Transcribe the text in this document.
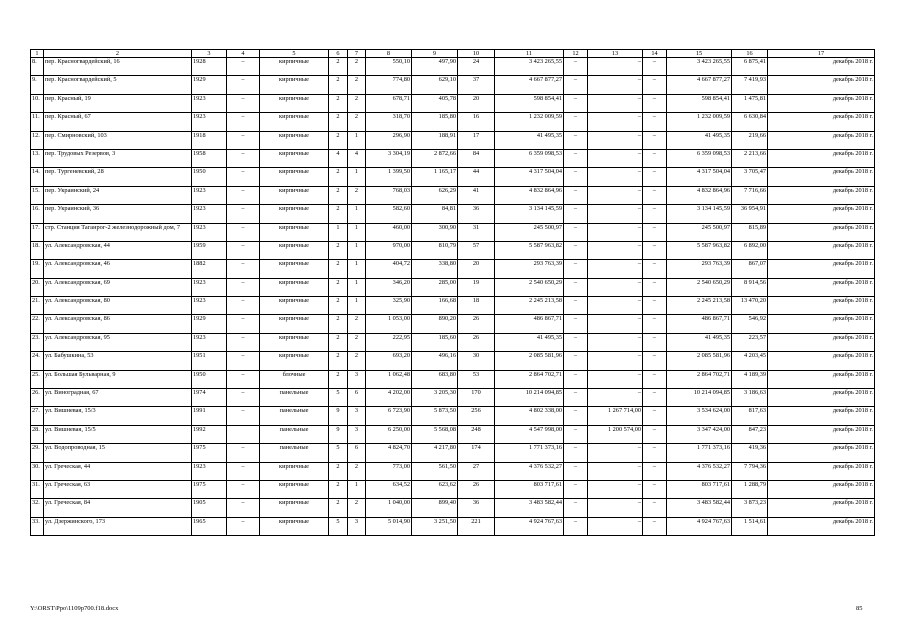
1	2	3	4	5	6	7	8	9	10	11	12	13	14	15	16	17
8.	пер. Красногвардейский, 16	1928	–	кирпичные	2	2	550,10	497,90	24	3 423 265,55	–	–	–	3 423 265,55	6 875,41	декабрь 2018 г.
9.	пер. Красногвардейский, 5	1929	–	кирпичные	2	2	774,80	629,10	37	4 667 877,27	–	–	–	4 667 877,27	7 419,93	декабрь 2018 г.
10.	пер. Красный, 19	1923	–	кирпичные	2	2	678,71	405,78	20	598 854,41	–	–	–	598 854,41	1 475,81	декабрь 2018 г.
11.	пер. Красный, 67	1923	–	кирпичные	2	2	318,70	185,80	16	1 232 009,59	–	–	–	1 232 009,59	6 630,84	декабрь 2018 г.
12.	пер. Смирновский, 103	1918	–	кирпичные	2	1	296,90	188,91	17	41 495,35	–	–	–	41 495,35	219,66	декабрь 2018 г.
13.	пер. Трудовых Резервов, 3	1958	–	кирпичные	4	4	3 304,19	2 872,66	84	6 359 098,53	–	–	–	6 359 098,53	2 213,66	декабрь 2018 г.
14.	пер. Тургеневский, 28	1950	–	кирпичные	2	1	1 399,50	1 165,17	44	4 317 504,04	–	–	–	4 317 504,04	3 705,47	декабрь 2018 г.
15.	пер. Украинский, 24	1923	–	кирпичные	2	2	768,03	626,29	41	4 832 864,96	–	–	–	4 832 864,96	7 716,66	декабрь 2018 г.
16.	пер. Украинский, 36	1923	–	кирпичные	2	1	582,60	84,81	36	3 134 145,59	–	–	–	3 134 145,59	36 954,91	декабрь 2018 г.
17.	стр. Станция Таганрог-2 железнодорожный дом, 7	1923	–	кирпичные	1	1	460,00	300,90	31	245 500,97	–	–	–	245 500,97	815,89	декабрь 2018 г.
18.	ул. Александровская, 44	1959	–	кирпичные	2	1	970,00	810,79	57	5 587 963,82	–	–	–	5 587 963,82	6 892,00	декабрь 2018 г.
19.	ул. Александровская, 46	1882	–	кирпичные	2	1	404,72	338,80	20	293 763,39	–	–	–	293 763,39	867,07	декабрь 2018 г.
20.	ул. Александровская, 69	1923	–	кирпичные	2	1	346,20	285,00	19	2 540 650,29	–	–	–	2 540 650,29	8 914,56	декабрь 2018 г.
21.	ул. Александровская, 80	1923	–	кирпичные	2	1	325,90	166,68	18	2 245 213,58	–	–	–	2 245 213,58	13 470,20	декабрь 2018 г.
22.	ул. Александровская, 86	1929	–	кирпичные	2	2	1 053,00	890,20	26	486 867,71	–	–	–	486 867,71	546,92	декабрь 2018 г.
23.	ул. Александровская, 95	1923	–	кирпичные	2	2	222,95	185,60	26	41 495,35	–	–	–	41 495,35	223,57	декабрь 2018 г.
24.	ул. Бабушкина, 53	1951	–	кирпичные	2	2	693,20	496,16	30	2 085 581,96	–	–	–	2 085 581,96	4 203,45	декабрь 2018 г.
25.	ул. Большая Бульварная, 9	1950	–	блочные	2	3	1 062,48	683,80	53	2 864 702,71	–	–	–	2 864 702,71	4 189,39	декабрь 2018 г.
26.	ул. Виноградная, 67	1974	–	панельные	5	6	4 202,00	3 205,30	170	10 214 094,85	–	–	–	10 214 094,85	3 186,63	декабрь 2018 г.
27.	ул. Вишневая, 15/3	1991	–	панельные	9	3	6 723,90	5 873,50	256	4 802 338,00	–	1 267 714,00	–	3 534 624,00	817,63	декабрь 2018 г.
28.	ул. Вишневая, 15/5	1992		панельные	9	3	6 250,00	5 568,08	248	4 547 998,00	–	1 200 574,00	–	3 347 424,00	847,23	декабрь 2018 г.
29.	ул. Водопроводная, 15	1975	–	панельные	5	6	4 824,70	4 217,80	174	1 771 373,16	–	–	–	1 771 373,16	419,36	декабрь 2018 г.
30.	ул. Греческая, 44	1923	–	кирпичные	2	2	773,00	561,50	27	4 376 532,27	–	–	–	4 376 532,27	7 794,36	декабрь 2018 г.
31.	ул. Греческая, 63	1975	–	кирпичные	2	1	634,52	623,62	26	803 717,61	–	–	–	803 717,61	1 288,79	декабрь 2018 г.
32.	ул. Греческая, 84	1905	–	кирпичные	2	2	1 040,00	899,40	36	3 483 582,44	–	–	–	3 483 582,44	3 873,23	декабрь 2018 г.
33.	ул. Дзержинского, 173	1965	–	кирпичные	5	3	5 014,90	3 251,50	221	4 924 767,63	–	–	–	4 924 767,63	1 514,61	декабрь 2018 г.
Y:\ORST\Ppo\1109p700.f18.docx	85
